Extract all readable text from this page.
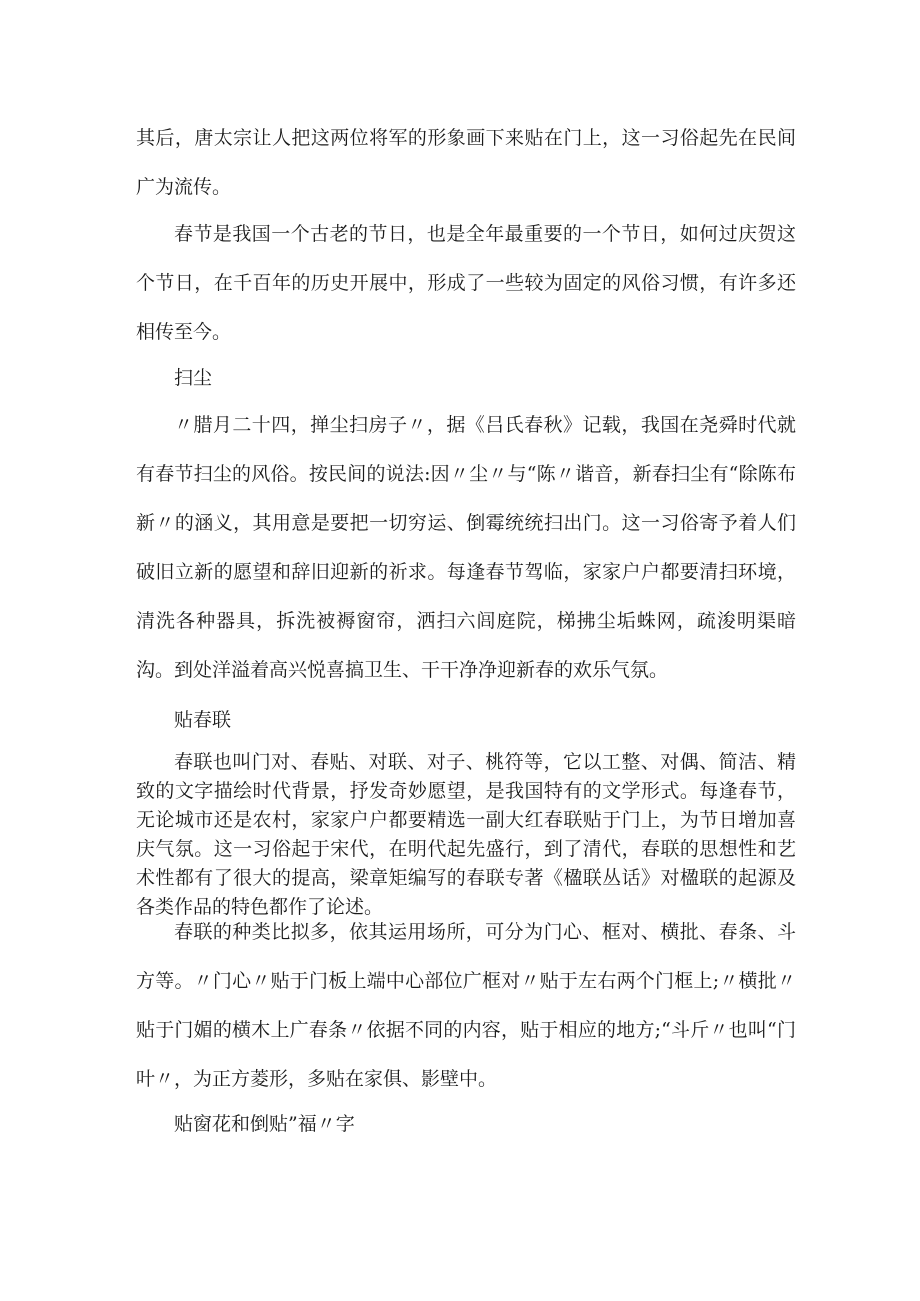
其后，唐太宗让人把这两位将军的形象画下来贴在门上，这一习俗起先在民间广为流传。

春节是我国一个古老的节日，也是全年最重要的一个节日，如何过庆贺这个节日，在千百年的历史开展中，形成了一些较为固定的风俗习惯，有许多还相传至今。

扫尘

〃腊月二十四，掸尘扫房子〃，据《吕氏春秋》记载，我国在尧舜时代就有春节扫尘的风俗。按民间的说法:因〃尘〃与“陈〃谐音，新春扫尘有“除陈布新〃的涵义，其用意是要把一切穷运、倒霉统统扫出门。这一习俗寄予着人们破旧立新的愿望和辞旧迎新的祈求。每逢春节驾临，家家户户都要清扫环境，清洗各种器具，拆洗被褥窗帘，洒扫六闾庭院，梯拂尘垢蛛网，疏浚明渠暗沟。到处洋溢着高兴悦喜搞卫生、干干净净迎新春的欢乐气氛。

贴春联

春联也叫门对、春贴、对联、对子、桃符等，它以工整、对偶、简洁、精致的文字描绘时代背景，抒发奇妙愿望，是我国特有的文学形式。每逢春节，无论城市还是农村，家家户户都要精选一副大红春联贴于门上，为节日增加喜庆气氛。这一习俗起于宋代，在明代起先盛行，到了清代，春联的思想性和艺术性都有了很大的提高，梁章矩编写的春联专著《楹联丛话》对楹联的起源及各类作品的特色都作了论述。

春联的种类比拟多，依其运用场所，可分为门心、框对、横批、春条、斗方等。〃门心〃贴于门板上端中心部位广框对〃贴于左右两个门框上;〃横批〃贴于门媚的横木上广春条〃依据不同的内容，贴于相应的地方;“斗斤〃也叫“门叶〃，为正方菱形，多贴在家俱、影壁中。

贴窗花和倒贴”福〃字
